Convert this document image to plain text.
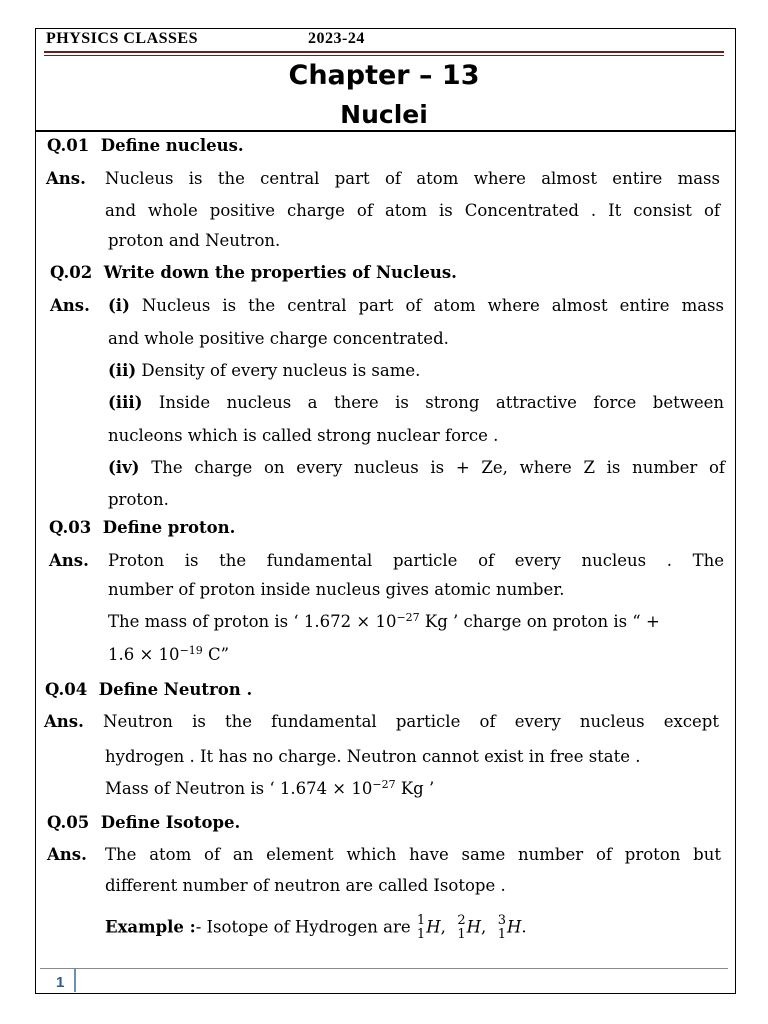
PHYSICS CLASSES	2023-24
Chapter – 13
Nuclei
Q.01 Define nucleus.
Ans. Nucleus is the central part of atom where almost entire mass
and whole positive charge of atom is Concentrated . It consist of
proton and Neutron.
Q.02 Write down the properties of Nucleus.
Ans. (i) Nucleus is the central part of atom where almost entire mass
and whole positive charge concentrated.
(ii) Density of every nucleus is same.
(iii) Inside nucleus a there is strong attractive force between
nucleons which is called strong nuclear force .
(iv) The charge on every nucleus is + Ze, where Z is number of
proton.
Q.03 Define proton.
Ans. Proton is the fundamental particle of every nucleus . The
number of proton inside nucleus gives atomic number.
The mass of proton is ‘ $1.672 \times 10^{-27}$ Kg ’ charge on proton is “ +
$1.6 \times 10^{-19}$ C”
Q.04 Define Neutron .
Ans. Neutron is the fundamental particle of every nucleus except
hydrogen . It has no charge. Neutron cannot exist in free state .
Mass of Neutron is ‘ $1.674 \times 10^{-27}$ Kg ’
Q.05 Define Isotope.
Ans. The atom of an element which have same number of proton but
different number of neutron are called Isotope .
Example :- Isotope of Hydrogen are 1
1 H, 2
1 H, 3
1 H.
1
